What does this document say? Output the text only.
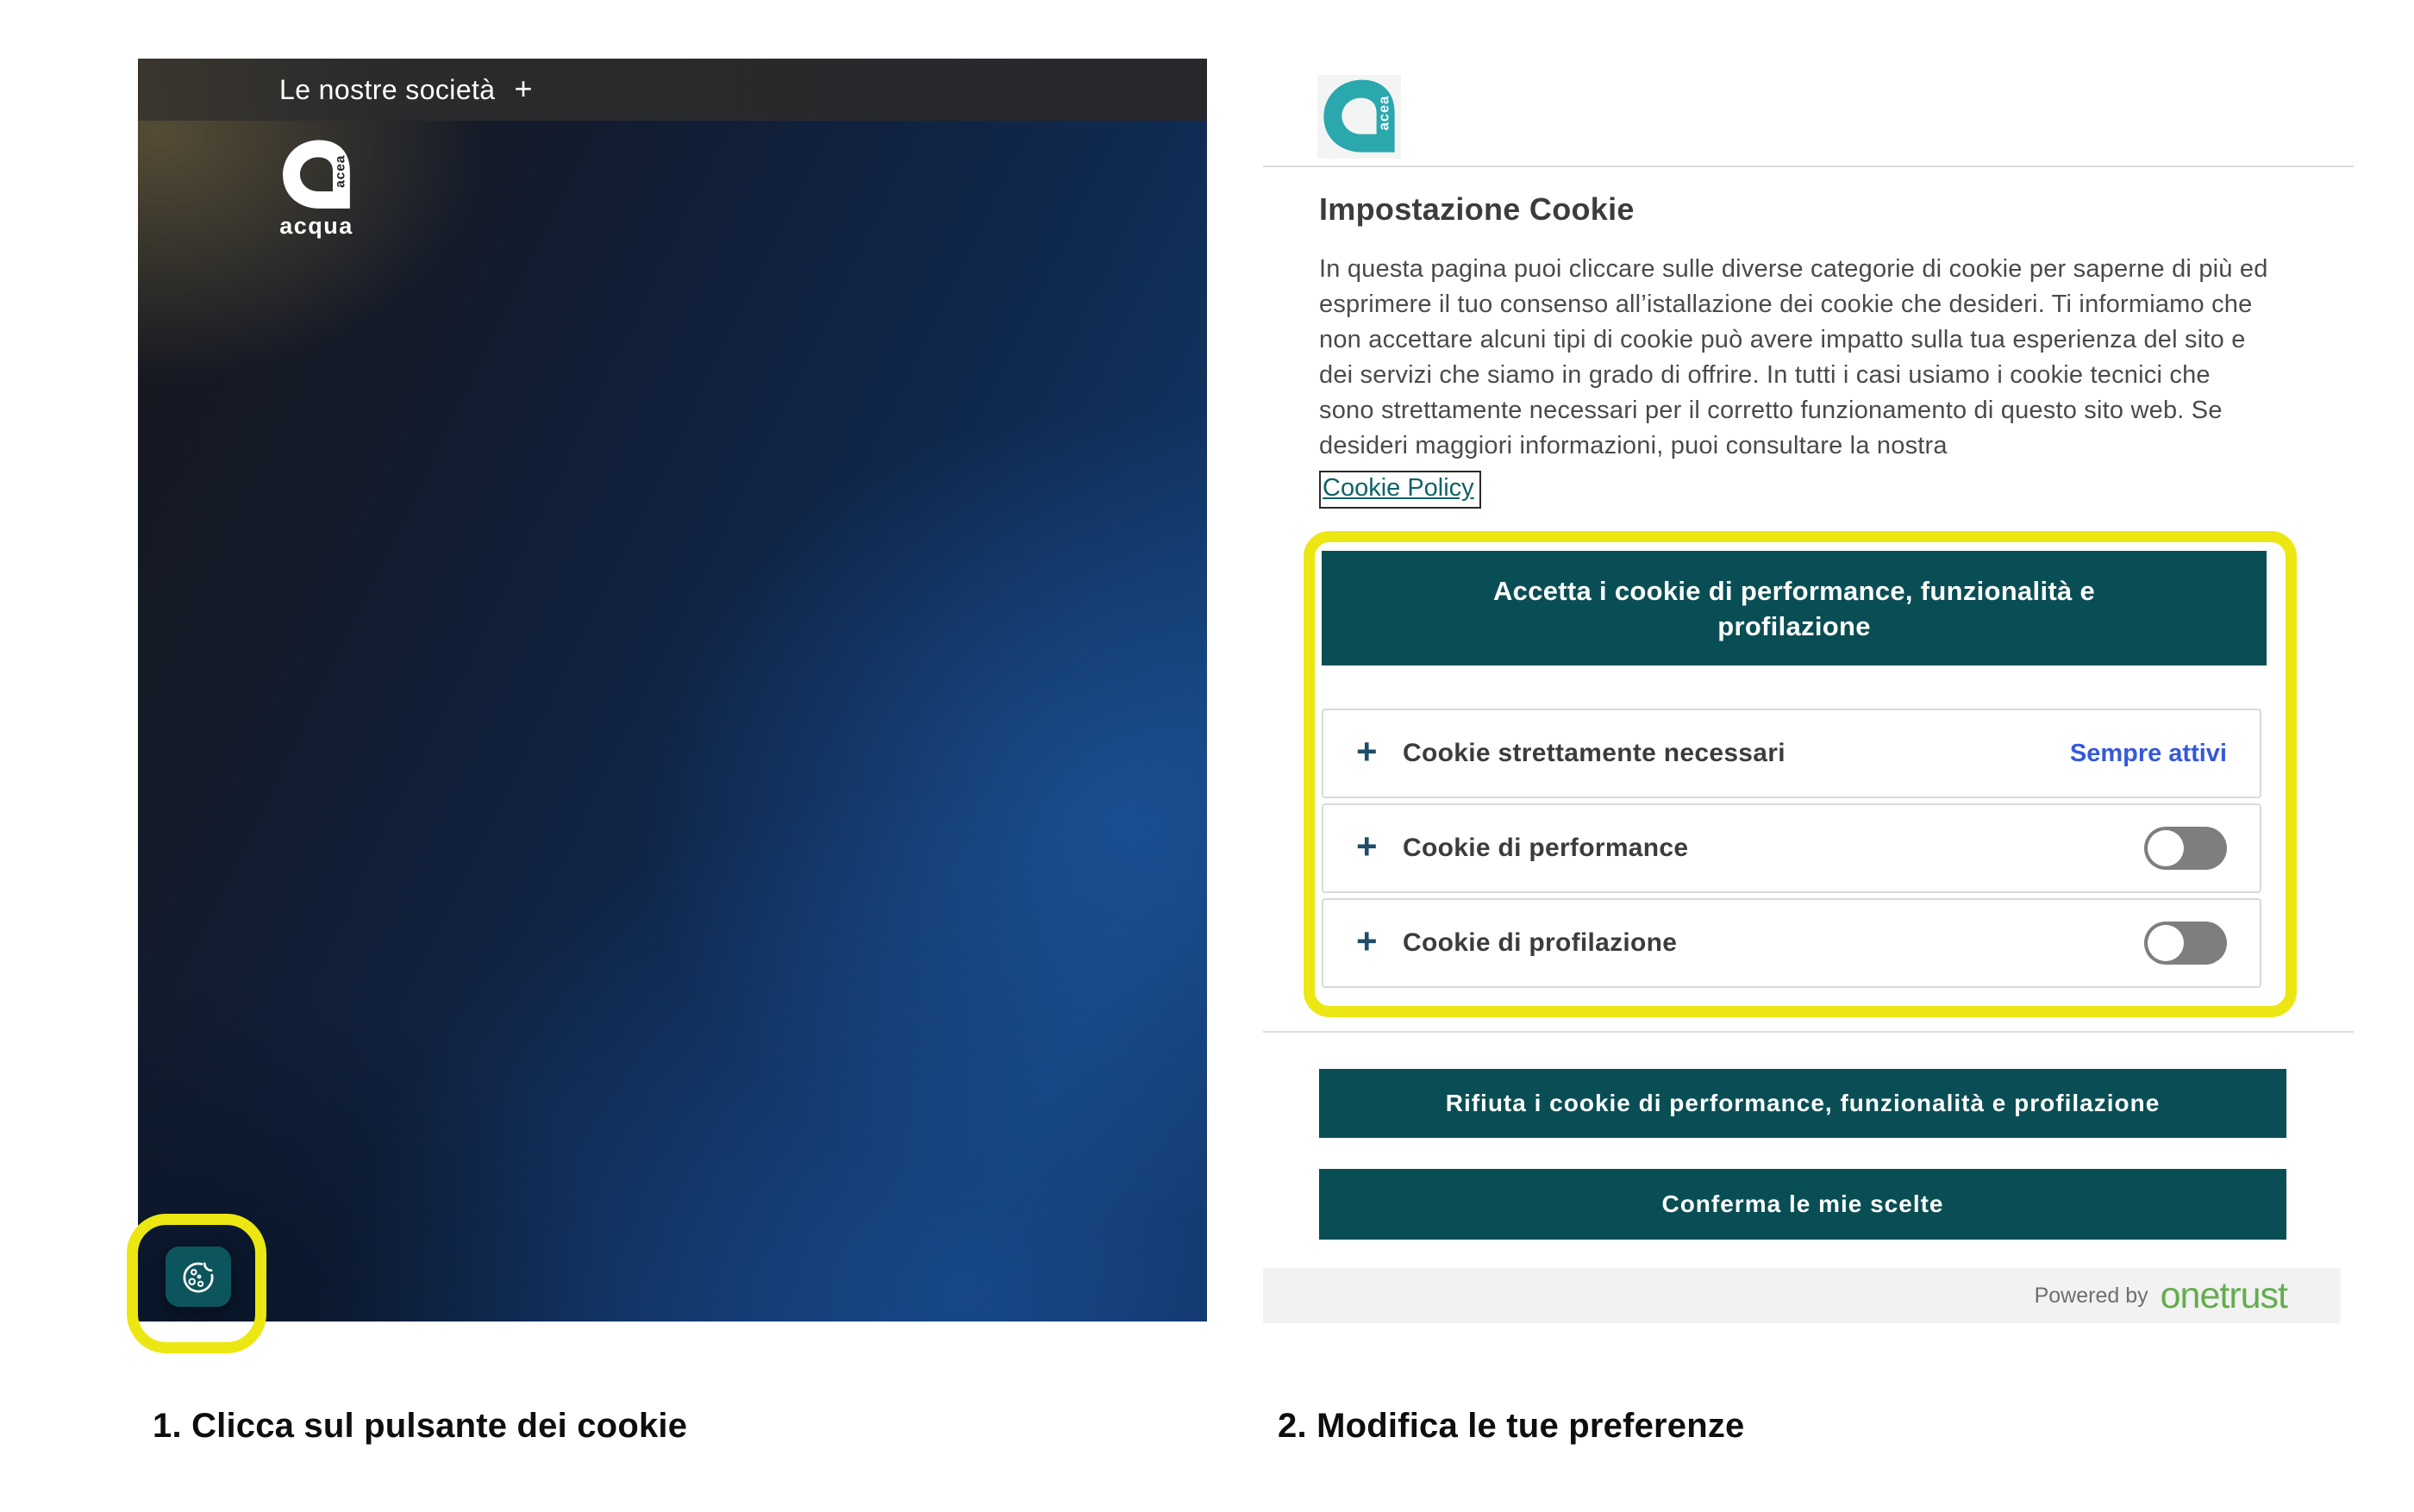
Le nostre società +
acea
acqua
1. Clicca sul pulsante dei cookie
acea
Impostazione Cookie
In questa pagina puoi cliccare sulle diverse categorie di cookie per saperne di più ed esprimere il tuo consenso all’istallazione dei cookie che desideri. Ti informiamo che non accettare alcuni tipi di cookie può avere impatto sulla tua esperienza del sito e dei servizi che siamo in grado di offrire. In tutti i casi usiamo i cookie tecnici che sono strettamente necessari per il corretto funzionamento di questo sito web. Se desideri maggiori informazioni, puoi consultare la nostra
Cookie Policy
Accetta i cookie di performance, funzionalità e profilazione
+ Cookie strettamente necessari	Sempre attivi
+ Cookie di performance
+ Cookie di profilazione
Rifiuta i cookie di performance, funzionalità e profilazione
Conferma le mie scelte
Powered by onetrust
2. Modifica le tue preferenze
